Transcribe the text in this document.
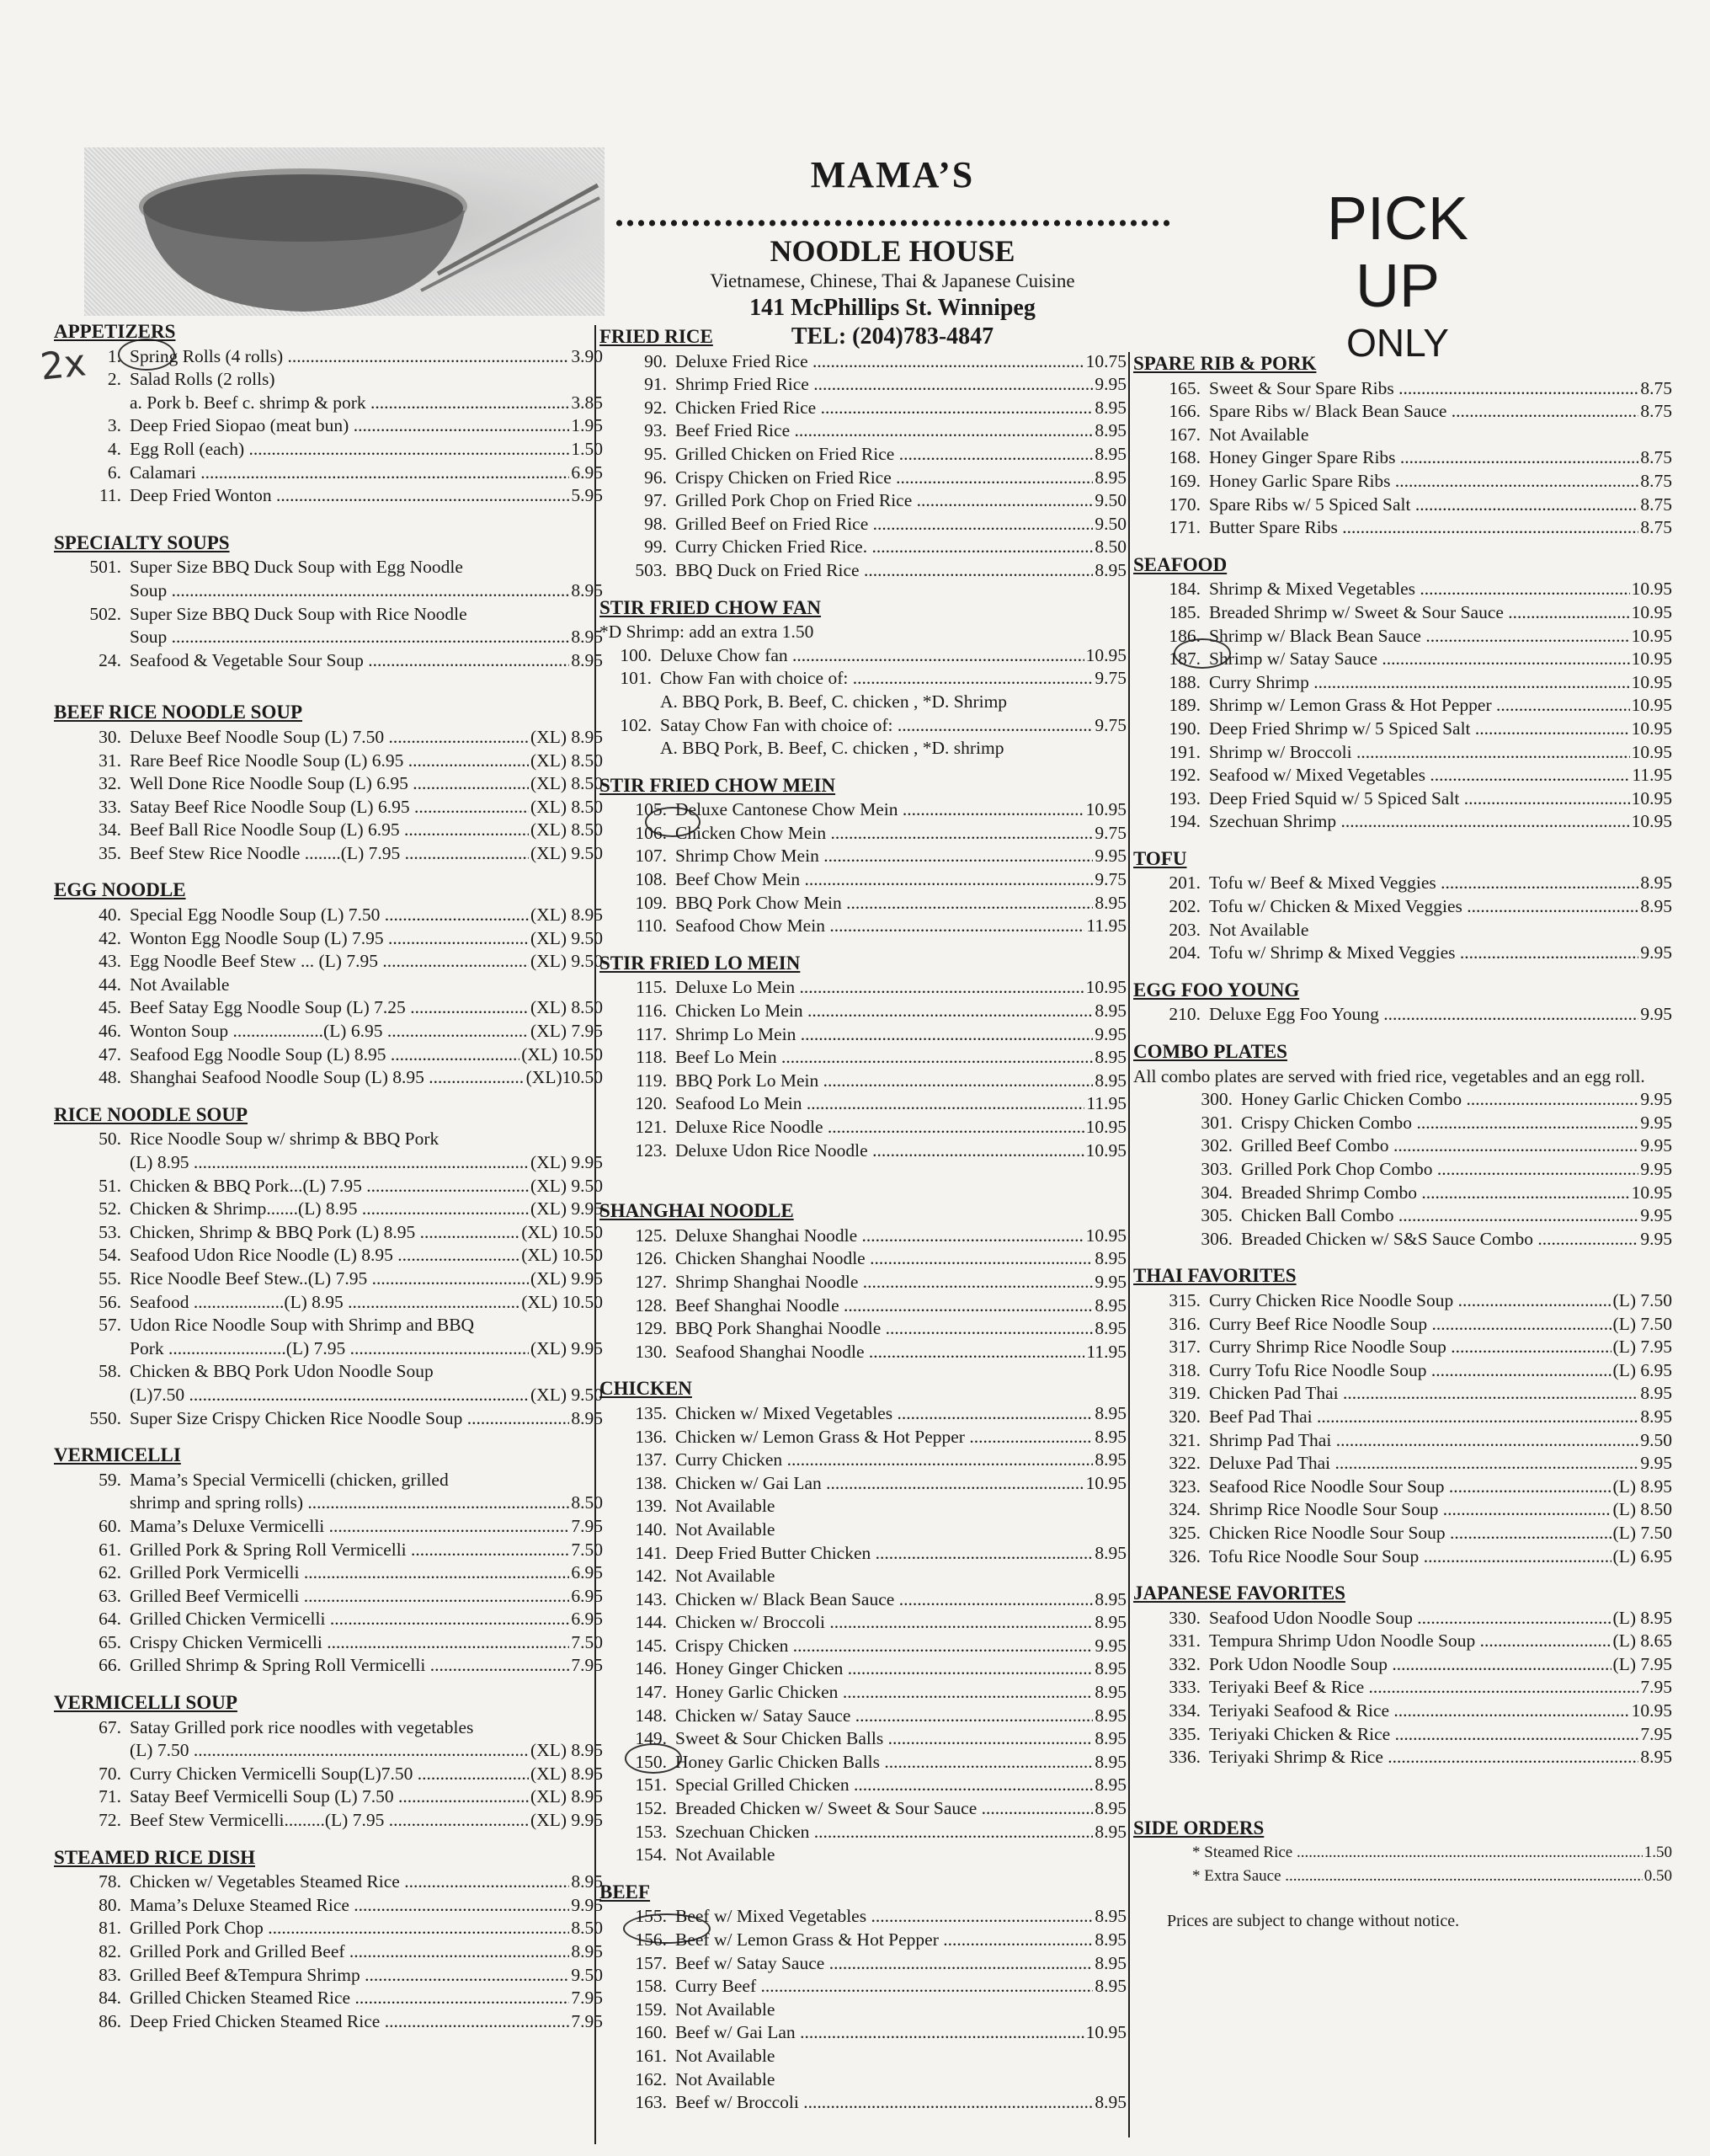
MAMA’S .....
NOODLE HOUSE
Vietnamese, Chinese, Thai & Japanese Cuisine
141 McPhillips St. Winnipeg
TEL: (204)783-4847
PICK UP
ONLY
2x
APPETIZERS
1. Spring Rolls (4 rolls) .....	3.90
2. Salad Rolls (2 rolls)
a. Pork b. Beef c. shrimp & pork .....	3.85
3. Deep Fried Siopao (meat bun) .....	1.95
4. Egg Roll (each) .....	1.50
6. Calamari .....	6.95
11. Deep Fried Wonton .....	5.95
SPECIALTY SOUPS
501. Super Size BBQ Duck Soup with Egg Noodle
Soup .....	8.95
502. Super Size BBQ Duck Soup with Rice Noodle
Soup .....	8.95
24. Seafood & Vegetable Sour Soup .....	8.95
BEEF RICE NOODLE SOUP
30. Deluxe Beef Noodle Soup (L) 7.50 .....	(XL) 8.95
31. Rare Beef Rice Noodle Soup (L) 6.95 .....	(XL) 8.50
32. Well Done Rice Noodle Soup (L) 6.95 .....	(XL) 8.50
33. Satay Beef Rice Noodle Soup (L) 6.95 .....	(XL) 8.50
34. Beef Ball Rice Noodle Soup (L) 6.95 .....	(XL) 8.50
35. Beef Stew Rice Noodle ........(L) 7.95 .....	(XL) 9.50
EGG NOODLE
40. Special Egg Noodle Soup (L) 7.50 .....	(XL) 8.95
42. Wonton Egg Noodle Soup (L) 7.95 .....	(XL) 9.50
43. Egg Noodle Beef Stew ... (L) 7.95 .....	(XL) 9.50
44. Not Available
45. Beef Satay Egg Noodle Soup (L) 7.25 .....	(XL) 8.50
46. Wonton Soup ....................(L) 6.95 .....	(XL) 7.95
47. Seafood Egg Noodle Soup (L) 8.95 .....	(XL) 10.50
48. Shanghai Seafood Noodle Soup (L) 8.95 .....	(XL)10.50
RICE NOODLE SOUP
50. Rice Noodle Soup w/ shrimp & BBQ Pork
(L) 8.95 .....	(XL) 9.95
51. Chicken & BBQ Pork...(L) 7.95 .....	(XL) 9.50
52. Chicken & Shrimp.......(L) 8.95 .....	(XL) 9.95
53. Chicken, Shrimp & BBQ Pork (L) 8.95 .....	(XL) 10.50
54. Seafood Udon Rice Noodle (L) 8.95 .....	(XL) 10.50
55. Rice Noodle Beef Stew..(L) 7.95 .....	(XL) 9.95
56. Seafood ....................(L) 8.95 .....	(XL) 10.50
57. Udon Rice Noodle Soup with Shrimp and BBQ
Pork ..........................(L) 7.95 .....	(XL) 9.95
58. Chicken & BBQ Pork Udon Noodle Soup
(L)7.50 .....	(XL) 9.50
550. Super Size Crispy Chicken Rice Noodle Soup .....	8.95
VERMICELLI
59. Mama’s Special Vermicelli (chicken, grilled
shrimp and spring rolls) .....	8.50
60. Mama’s Deluxe Vermicelli .....	7.95
61. Grilled Pork & Spring Roll Vermicelli .....	7.50
62. Grilled Pork Vermicelli .....	6.95
63. Grilled Beef Vermicelli .....	6.95
64. Grilled Chicken Vermicelli .....	6.95
65. Crispy Chicken Vermicelli .....	7.50
66. Grilled Shrimp & Spring Roll Vermicelli .....	7.95
VERMICELLI SOUP
67. Satay Grilled pork rice noodles with vegetables
(L) 7.50 .....	(XL) 8.95
70. Curry Chicken Vermicelli Soup(L)7.50 .....	(XL) 8.95
71. Satay Beef Vermicelli Soup (L) 7.50 .....	(XL) 8.95
72. Beef Stew Vermicelli.........(L) 7.95 .....	(XL) 9.95
STEAMED RICE DISH
78. Chicken w/ Vegetables Steamed Rice .....	8.95
80. Mama’s Deluxe Steamed Rice .....	9.95
81. Grilled Pork Chop .....	8.50
82. Grilled Pork and Grilled Beef .....	8.95
83. Grilled Beef &Tempura Shrimp .....	9.50
84. Grilled Chicken Steamed Rice .....	7.95
86. Deep Fried Chicken Steamed Rice .....	7.95
FRIED RICE
90. Deluxe Fried Rice .....	10.75
91. Shrimp Fried Rice .....	9.95
92. Chicken Fried Rice .....	8.95
93. Beef Fried Rice .....	8.95
95. Grilled Chicken on Fried Rice .....	8.95
96. Crispy Chicken on Fried Rice .....	8.95
97. Grilled Pork Chop on Fried Rice .....	9.50
98. Grilled Beef on Fried Rice .....	9.50
99. Curry Chicken Fried Rice. .....	8.50
503. BBQ Duck on Fried Rice .....	8.95
STIR FRIED CHOW FAN
*D Shrimp: add an extra 1.50
100. Deluxe Chow fan .....	10.95
101. Chow Fan with choice of: .....	9.75
A. BBQ Pork, B. Beef, C. chicken , *D. Shrimp
102. Satay Chow Fan with choice of: .....	9.75
A. BBQ Pork, B. Beef, C. chicken , *D. shrimp
STIR FRIED CHOW MEIN
105. Deluxe Cantonese Chow Mein .....	10.95
106. Chicken Chow Mein .....	9.75
107. Shrimp Chow Mein .....	9.95
108. Beef Chow Mein .....	9.75
109. BBQ Pork Chow Mein .....	8.95
110. Seafood Chow Mein .....	11.95
STIR FRIED LO MEIN
115. Deluxe Lo Mein .....	10.95
116. Chicken Lo Mein .....	8.95
117. Shrimp Lo Mein .....	9.95
118. Beef Lo Mein .....	8.95
119. BBQ Pork Lo Mein .....	8.95
120. Seafood Lo Mein .....	11.95
121. Deluxe Rice Noodle .....	10.95
123. Deluxe Udon Rice Noodle .....	10.95
SHANGHAI NOODLE
125. Deluxe Shanghai Noodle .....	10.95
126. Chicken Shanghai Noodle .....	8.95
127. Shrimp Shanghai Noodle .....	9.95
128. Beef Shanghai Noodle .....	8.95
129. BBQ Pork Shanghai Noodle .....	8.95
130. Seafood Shanghai Noodle .....	11.95
CHICKEN
135. Chicken w/ Mixed Vegetables .....	8.95
136. Chicken w/ Lemon Grass & Hot Pepper .....	8.95
137. Curry Chicken .....	8.95
138. Chicken w/ Gai Lan .....	10.95
139. Not Available
140. Not Available
141. Deep Fried Butter Chicken .....	8.95
142. Not Available
143. Chicken w/ Black Bean Sauce .....	8.95
144. Chicken w/ Broccoli .....	8.95
145. Crispy Chicken .....	9.95
146. Honey Ginger Chicken .....	8.95
147. Honey Garlic Chicken .....	8.95
148. Chicken w/ Satay Sauce .....	8.95
149. Sweet & Sour Chicken Balls .....	8.95
150. Honey Garlic Chicken Balls .....	8.95
151. Special Grilled Chicken .....	8.95
152. Breaded Chicken w/ Sweet & Sour Sauce .....	8.95
153. Szechuan Chicken .....	8.95
154. Not Available
BEEF
155. Beef w/ Mixed Vegetables .....	8.95
156. Beef w/ Lemon Grass & Hot Pepper .....	8.95
157. Beef w/ Satay Sauce .....	8.95
158. Curry Beef .....	8.95
159. Not Available
160. Beef w/ Gai Lan .....	10.95
161. Not Available
162. Not Available
163. Beef w/ Broccoli .....	8.95
SPARE RIB & PORK
165. Sweet & Sour Spare Ribs .....	8.75
166. Spare Ribs w/ Black Bean Sauce .....	8.75
167. Not Available
168. Honey Ginger Spare Ribs .....	8.75
169. Honey Garlic Spare Ribs .....	8.75
170. Spare Ribs w/ 5 Spiced Salt .....	8.75
171. Butter Spare Ribs .....	8.75
SEAFOOD
184. Shrimp & Mixed Vegetables .....	10.95
185. Breaded Shrimp w/ Sweet & Sour Sauce .....	10.95
186. Shrimp w/ Black Bean Sauce .....	10.95
187. Shrimp w/ Satay Sauce .....	10.95
188. Curry Shrimp .....	10.95
189. Shrimp w/ Lemon Grass & Hot Pepper .....	10.95
190. Deep Fried Shrimp w/ 5 Spiced Salt .....	10.95
191. Shrimp w/ Broccoli .....	10.95
192. Seafood w/ Mixed Vegetables .....	11.95
193. Deep Fried Squid w/ 5 Spiced Salt .....	10.95
194. Szechuan Shrimp .....	10.95
TOFU
201. Tofu w/ Beef & Mixed Veggies .....	8.95
202. Tofu w/ Chicken & Mixed Veggies .....	8.95
203. Not Available
204. Tofu w/ Shrimp & Mixed Veggies .....	9.95
EGG FOO YOUNG
210. Deluxe Egg Foo Young .....	9.95
COMBO PLATES
All combo plates are served with fried rice, vegetables and an egg roll.
300. Honey Garlic Chicken Combo .....	9.95
301. Crispy Chicken Combo .....	9.95
302. Grilled Beef Combo .....	9.95
303. Grilled Pork Chop Combo .....	9.95
304. Breaded Shrimp Combo .....	10.95
305. Chicken Ball Combo .....	9.95
306. Breaded Chicken w/ S&S Sauce Combo .....	9.95
THAI FAVORITES
315. Curry Chicken Rice Noodle Soup .....	(L) 7.50
316. Curry Beef Rice Noodle Soup .....	(L) 7.50
317. Curry Shrimp Rice Noodle Soup .....	(L) 7.95
318. Curry Tofu Rice Noodle Soup .....	(L) 6.95
319. Chicken Pad Thai .....	8.95
320. Beef Pad Thai .....	8.95
321. Shrimp Pad Thai .....	9.50
322. Deluxe Pad Thai .....	9.95
323. Seafood Rice Noodle Sour Soup .....	(L) 8.95
324. Shrimp Rice Noodle Sour Soup .....	(L) 8.50
325. Chicken Rice Noodle Sour Soup .....	(L) 7.50
326. Tofu Rice Noodle Sour Soup .....	(L) 6.95
JAPANESE FAVORITES
330. Seafood Udon Noodle Soup .....	(L) 8.95
331. Tempura Shrimp Udon Noodle Soup .....	(L) 8.65
332. Pork Udon Noodle Soup .....	(L) 7.95
333. Teriyaki Beef & Rice .....	7.95
334. Teriyaki Seafood & Rice .....	10.95
335. Teriyaki Chicken & Rice .....	7.95
336. Teriyaki Shrimp & Rice .....	8.95
SIDE ORDERS
* Steamed Rice .....	1.50
* Extra Sauce .....	0.50
Prices are subject to change without notice.
